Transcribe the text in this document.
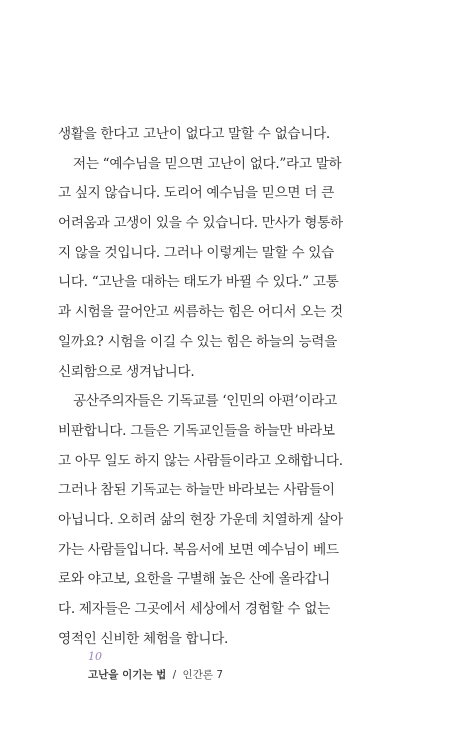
생활을 한다고 고난이 없다고 말할 수 없습니다.
저는 “예수님을 믿으면 고난이 없다.”라고 말하
고 싶지 않습니다. 도리어 예수님을 믿으면 더 큰
어려움과 고생이 있을 수 있습니다. 만사가 형통하
지 않을 것입니다. 그러나 이렇게는 말할 수 있습
니다. “고난을 대하는 태도가 바뀔 수 있다.” 고통
과 시험을 끌어안고 씨름하는 힘은 어디서 오는 것
일까요? 시험을 이길 수 있는 힘은 하늘의 능력을
신뢰함으로 생겨납니다.
공산주의자들은 기독교를 ‘인민의 아편’이라고
비판합니다. 그들은 기독교인들을 하늘만 바라보
고 아무 일도 하지 않는 사람들이라고 오해합니다.
그러나 참된 기독교는 하늘만 바라보는 사람들이
아닙니다. 오히려 삶의 현장 가운데 치열하게 살아
가는 사람들입니다. 복음서에 보면 예수님이 베드
로와 야고보, 요한을 구별해 높은 산에 올라갑니
다. 제자들은 그곳에서 세상에서 경험할 수 없는
영적인 신비한 체험을 합니다.
10
고난을 이기는 법 / 인간론 7
